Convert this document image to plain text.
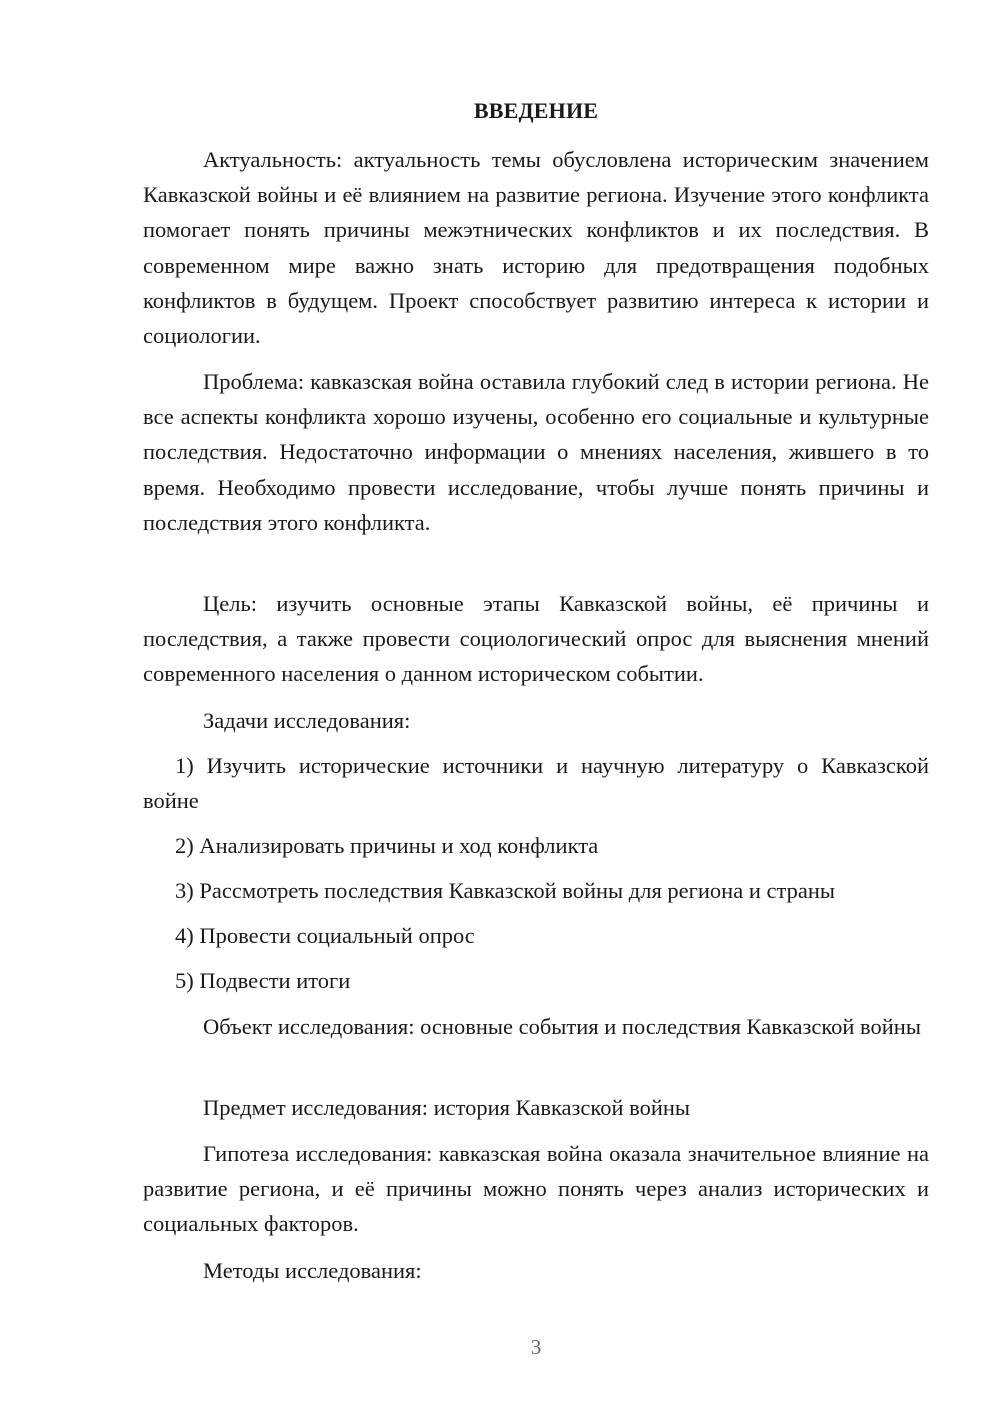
ВВЕДЕНИЕ

Актуальность: актуальность темы обусловлена историческим значением Кавказской войны и её влиянием на развитие региона. Изучение этого конфликта помогает понять причины межэтнических конфликтов и их последствия. В современном мире важно знать историю для предотвращения подобных конфликтов в будущем. Проект способствует развитию интереса к истории и социологии.

Проблема: кавказская война оставила глубокий след в истории региона. Не все аспекты конфликта хорошо изучены, особенно его социальные и культурные последствия. Недостаточно информации о мнениях населения, жившего в то время. Необходимо провести исследование, чтобы лучше понять причины и последствия этого конфликта.

Цель: изучить основные этапы Кавказской войны, её причины и последствия, а также провести социологический опрос для выяснения мнений современного населения о данном историческом событии.

Задачи исследования:

1) Изучить исторические источники и научную литературу о Кавказской войне

2) Анализировать причины и ход конфликта

3) Рассмотреть последствия Кавказской войны для региона и страны

4) Провести социальный опрос

5) Подвести итоги

Объект исследования: основные события и последствия Кавказской войны

Предмет исследования: история Кавказской войны

Гипотеза исследования: кавказская война оказала значительное влияние на развитие региона, и её причины можно понять через анализ исторических и социальных факторов.

Методы исследования:

3
